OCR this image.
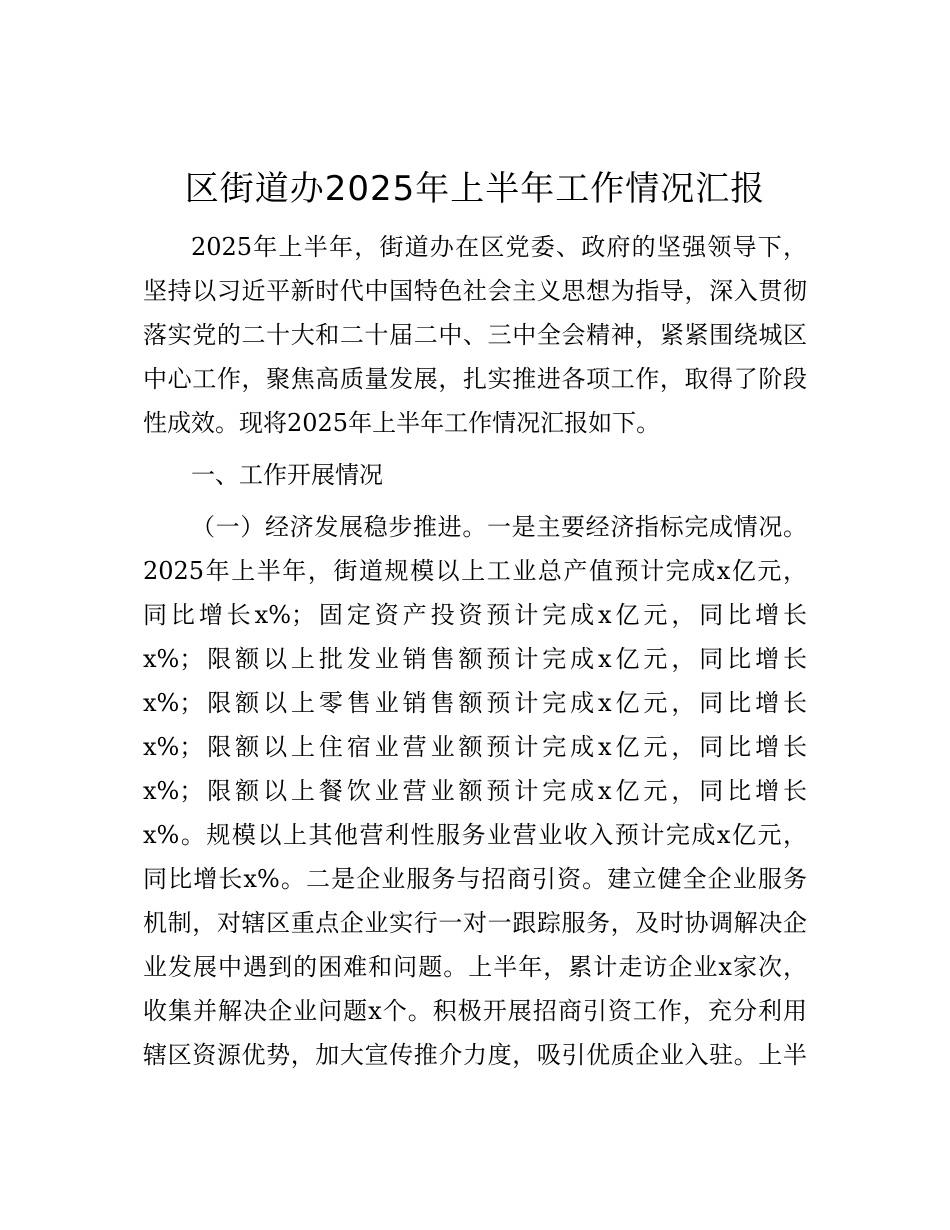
区街道办2025年上半年工作情况汇报
2025年上半年，街道办在区党委、政府的坚强领导下，
坚持以习近平新时代中国特色社会主义思想为指导，深入贯彻
落实党的二十大和二十届二中、三中全会精神，紧紧围绕城区
中心工作，聚焦高质量发展，扎实推进各项工作，取得了阶段
性成效。现将2025年上半年工作情况汇报如下。
一、工作开展情况
（一）经济发展稳步推进。一是主要经济指标完成情况。
2025年上半年，街道规模以上工业总产值预计完成x亿元，
同比增长x%；固定资产投资预计完成x亿元，同比增长
x%；限额以上批发业销售额预计完成x亿元，同比增长
x%；限额以上零售业销售额预计完成x亿元，同比增长
x%；限额以上住宿业营业额预计完成x亿元，同比增长
x%；限额以上餐饮业营业额预计完成x亿元，同比增长
x%。规模以上其他营利性服务业营业收入预计完成x亿元，
同比增长x%。二是企业服务与招商引资。建立健全企业服务
机制，对辖区重点企业实行一对一跟踪服务，及时协调解决企
业发展中遇到的困难和问题。上半年，累计走访企业x家次，
收集并解决企业问题x个。积极开展招商引资工作，充分利用
辖区资源优势，加大宣传推介力度，吸引优质企业入驻。上半
